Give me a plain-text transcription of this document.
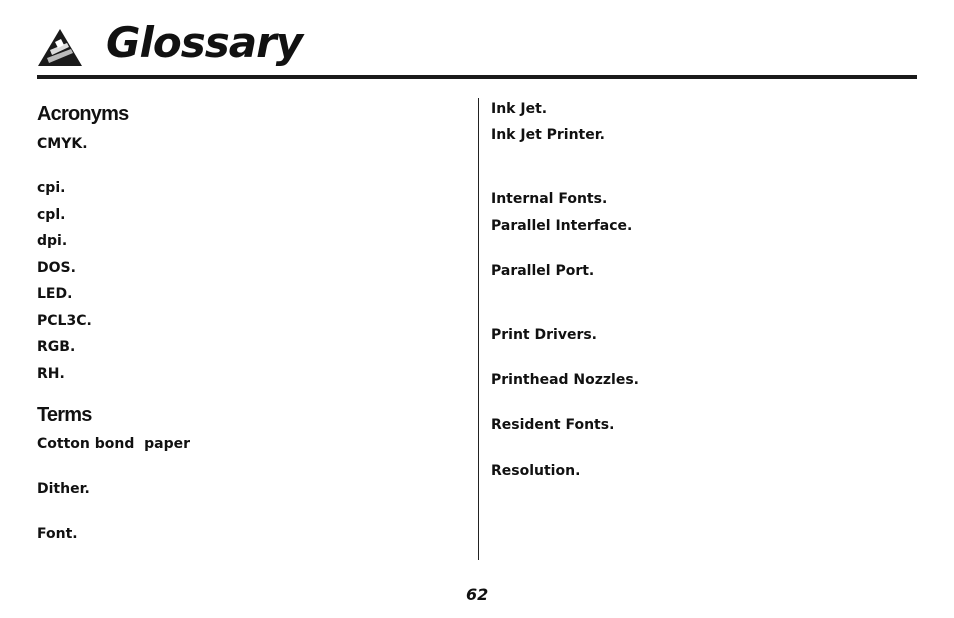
Glossary
Acronyms
CMYK.
cpi.
cpl.
dpi.
DOS.
LED.
PCL3C.
RGB.
RH.
Terms
Cotton bond  paper
Dither.
Font.
Ink Jet.
Ink Jet Printer.
Internal Fonts.
Parallel Interface.
Parallel Port.
Print Drivers.
Printhead Nozzles.
Resident Fonts.
Resolution.
62
